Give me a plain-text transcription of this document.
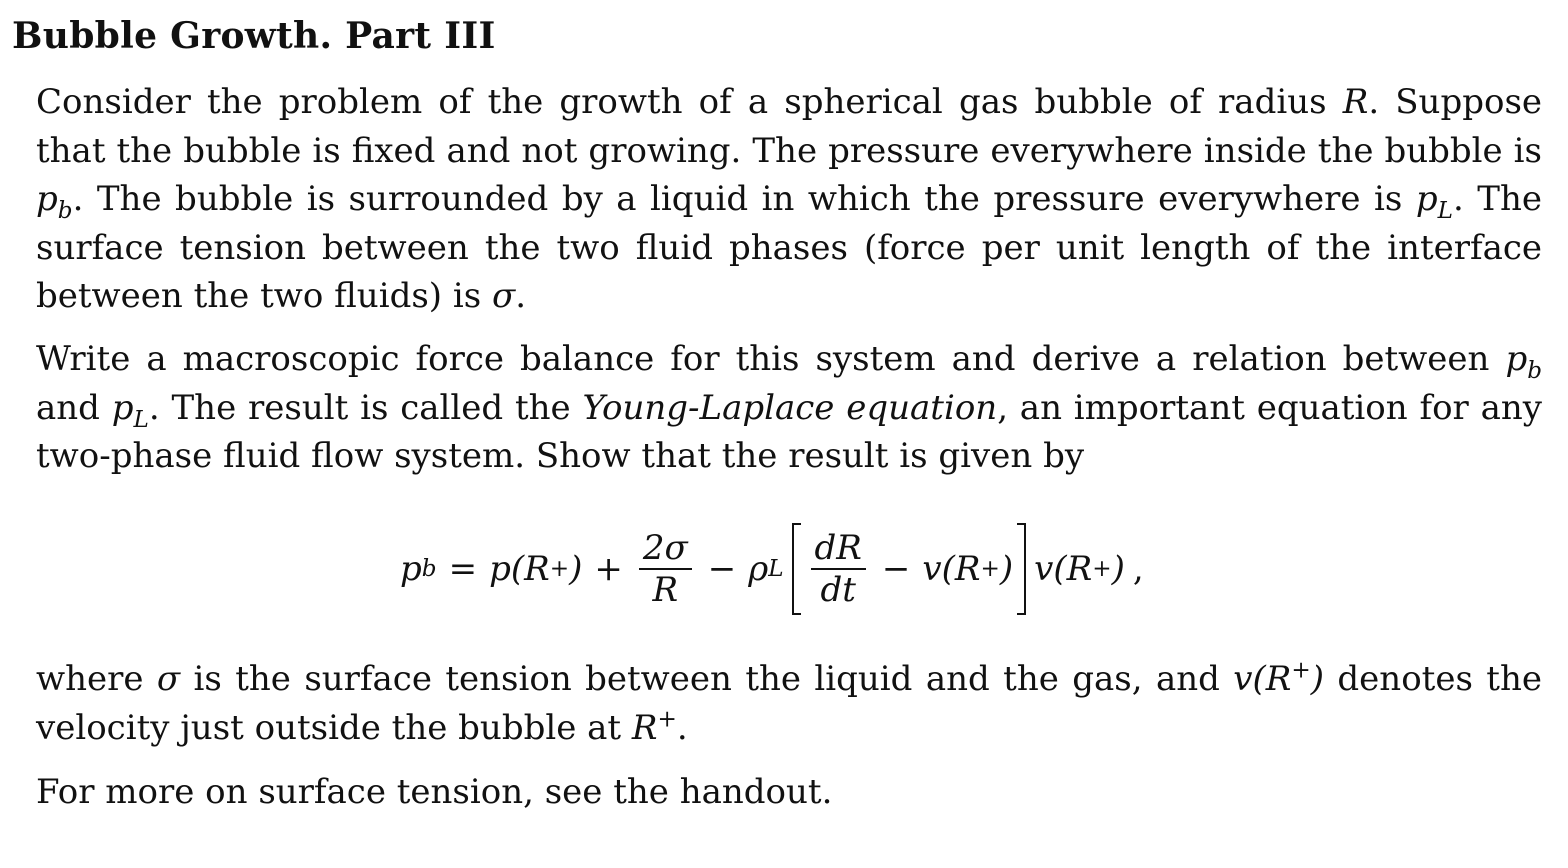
Bubble Growth. Part III

Consider the problem of the growth of a spherical gas bubble of radius R. Suppose that the bubble is fixed and not growing. The pressure everywhere inside the bubble is $p_b$. The bubble is surrounded by a liquid in which the pressure everywhere is $p_L$. The surface tension between the two fluid phases (force per unit length of the interface between the two fluids) is σ.

Write a macroscopic force balance for this system and derive a relation between $p_b$ and $p_L$. The result is called the Young-Laplace equation, an important equation for any two-phase fluid flow system. Show that the result is given by

p b = p(R + ) + $\frac{2\sigma}{R} - \rho$ L $\frac{dR}{dt} - v(R$ + ) v(R + ) ,

where σ is the surface tension between the liquid and the gas, and v(R+) denotes the velocity just outside the bubble at R+.

For more on surface tension, see the handout.
